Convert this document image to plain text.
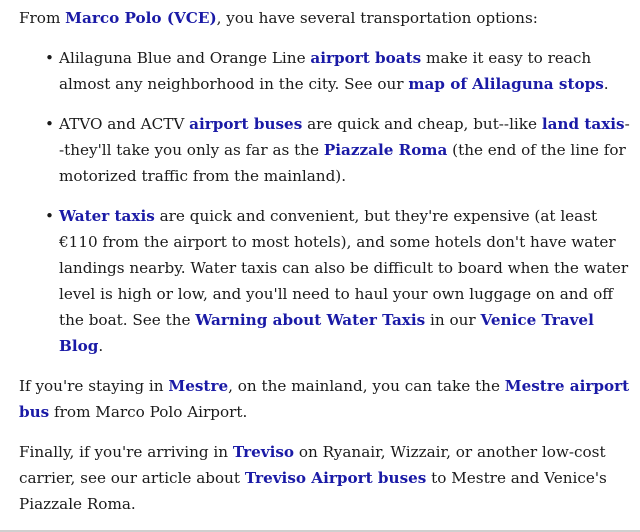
From Marco Polo (VCE), you have several transportation options:

• Alilaguna Blue and Orange Line airport boats make it easy to reach almost any neighborhood in the city. See our map of Alilaguna stops.
• ATVO and ACTV airport buses are quick and cheap, but--like land taxis--they'll take you only as far as the Piazzale Roma (the end of the line for motorized traffic from the mainland).
• Water taxis are quick and convenient, but they're expensive (at least €110 from the airport to most hotels), and some hotels don't have water landings nearby. Water taxis can also be difficult to board when the water level is high or low, and you'll need to haul your own luggage on and off the boat. See the Warning about Water Taxis in our Venice Travel Blog.

If you're staying in Mestre, on the mainland, you can take the Mestre airport bus from Marco Polo Airport.

Finally, if you're arriving in Treviso on Ryanair, Wizzair, or another low-cost carrier, see our article about Treviso Airport buses to Mestre and Venice's Piazzale Roma.
